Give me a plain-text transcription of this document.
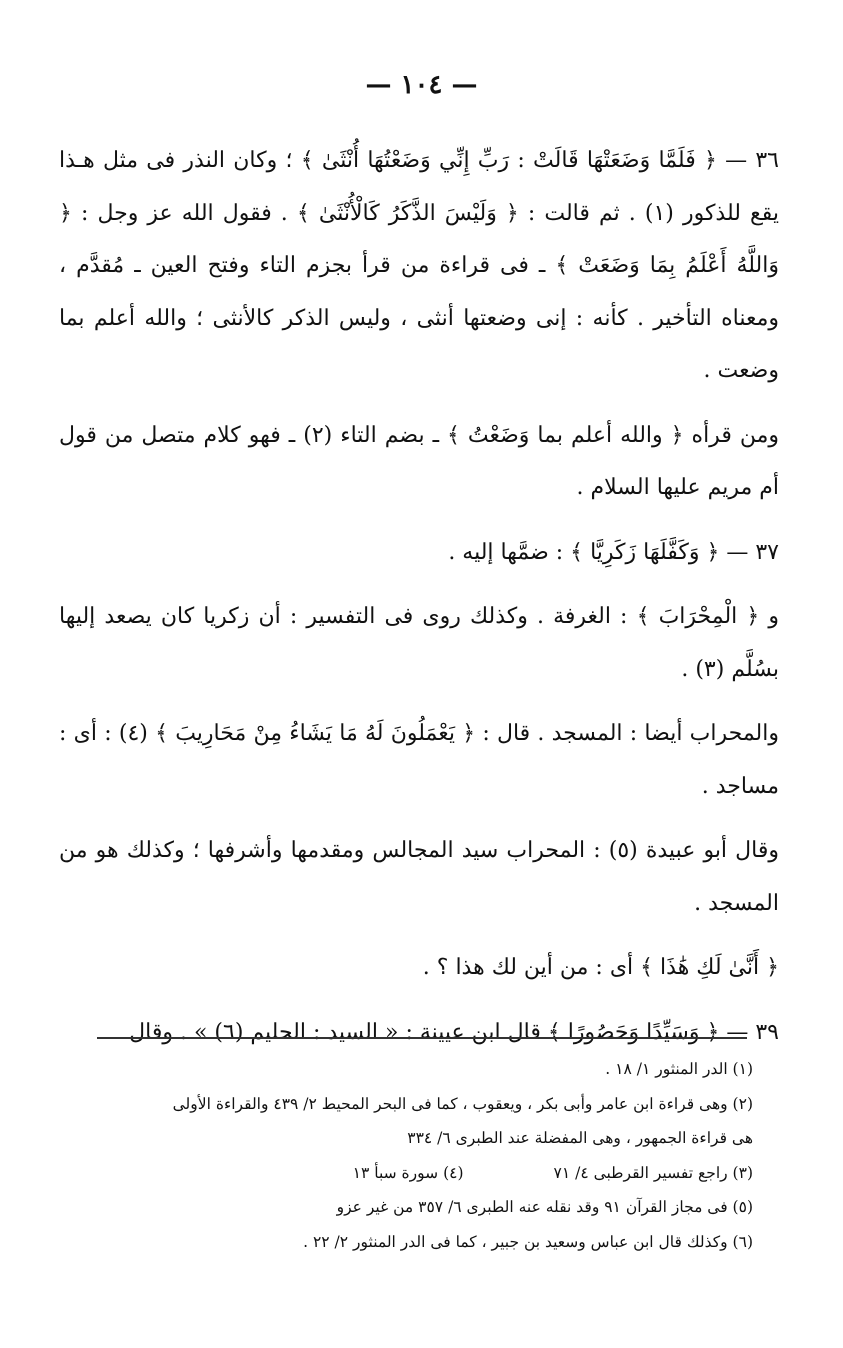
— ١٠٤ —

٣٦ — ﴿ فَلَمَّا وَضَعَتْهَا قَالَتْ : رَبِّ إِنِّي وَضَعْتُهَا أُنْثَىٰ ﴾ ؛ وكان النذر فى مثل هـذا يقع للذكور (١) . ثم قالت : ﴿ وَلَيْسَ الذَّكَرُ كَالْأُنْثَىٰ ﴾ . فقول الله عز وجل : ﴿ وَاللَّهُ أَعْلَمُ بِمَا وَضَعَتْ ﴾ ـ فى قراءة من قرأ بجزم التاء وفتح العين ـ مُقدَّم ، ومعناه التأخير . كأنه : إنى وضعتها أنثى ، وليس الذكر كالأنثى ؛ والله أعلم بما وضعت .

ومن قرأه ﴿ والله أعلم بما وَضَعْتُ ﴾ ـ بضم التاء (٢) ـ فهو كلام متصل من قول أم مريم عليها السلام .

٣٧ — ﴿ وَكَفَّلَهَا زَكَرِيَّا ﴾ : ضمَّها إليه .

و ﴿ الْمِحْرَابَ ﴾ : الغرفة . وكذلك روى فى التفسير : أن زكريا كان يصعد إليها بسُلَّم (٣) .

والمحراب أيضا : المسجد . قال : ﴿ يَعْمَلُونَ لَهُ مَا يَشَاءُ مِنْ مَحَارِيبَ ﴾ (٤) : أى : مساجد .

وقال أبو عبيدة (٥) : المحراب سيد المجالس ومقدمها وأشرفها ؛ وكذلك هو من المسجد .

﴿ أَنَّىٰ لَكِ هَٰذَا ﴾ أى : من أين لك هذا ؟ .

٣٩ — ﴿ وَسَيِّدًا وَحَصُورًا ﴾ قال ابن عيينة : « السيد : الحليم (٦) » . وقال

(١) الدر المنثور ١/ ١٨ .

(٢) وهى قراءة ابن عامر وأبى بكر ، ويعقوب ، كما فى البحر المحيط ٢/ ٤٣٩ والقراءة الأولى

هى قراءة الجمهور ، وهى المفضلة عند الطبرى ٦/ ٣٣٤

(٣) راجع تفسير القرطبى ٤/ ٧١
(٤) سورة سبأ ١٣

(٥) فى مجاز القرآن ٩١ وقد نقله عنه الطبرى ٦/ ٣٥٧ من غير عزو

(٦) وكذلك قال ابن عباس وسعيد بن جبير ، كما فى الدر المنثور ٢/ ٢٢ .
